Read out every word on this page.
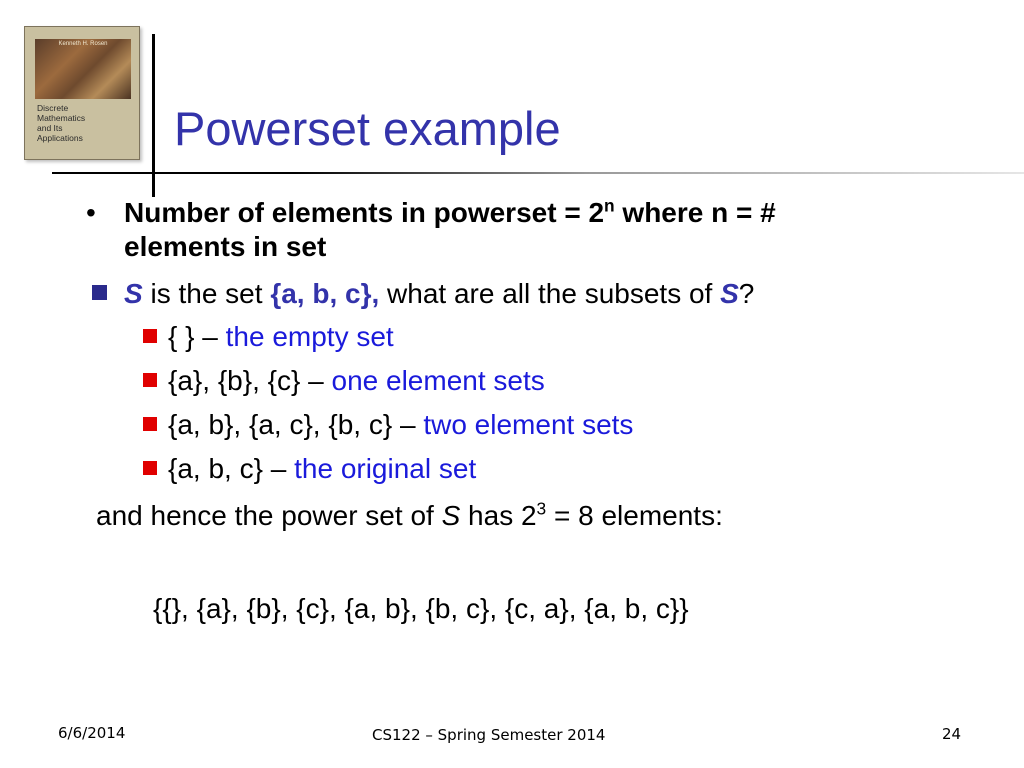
Kenneth H. Rosen
Discrete
Mathematics
and Its
Applications	Powerset example
• Number of elements in powerset = $2^n$ where n = #
elements in set
S is the set {a, b, c}, what are all the subsets of S?
{ } – the empty set
{a}, {b}, {c} – one element sets
{a, b}, {a, c}, {b, c} – two element sets
{a, b, c} – the original set
and hence the power set of S has $2^3 = 8$ elements:
{{}, {a}, {b}, {c}, {a, b}, {b, c}, {c, a}, {a, b, c}}
6/6/2014	CS122 – Spring Semester 2014	24
